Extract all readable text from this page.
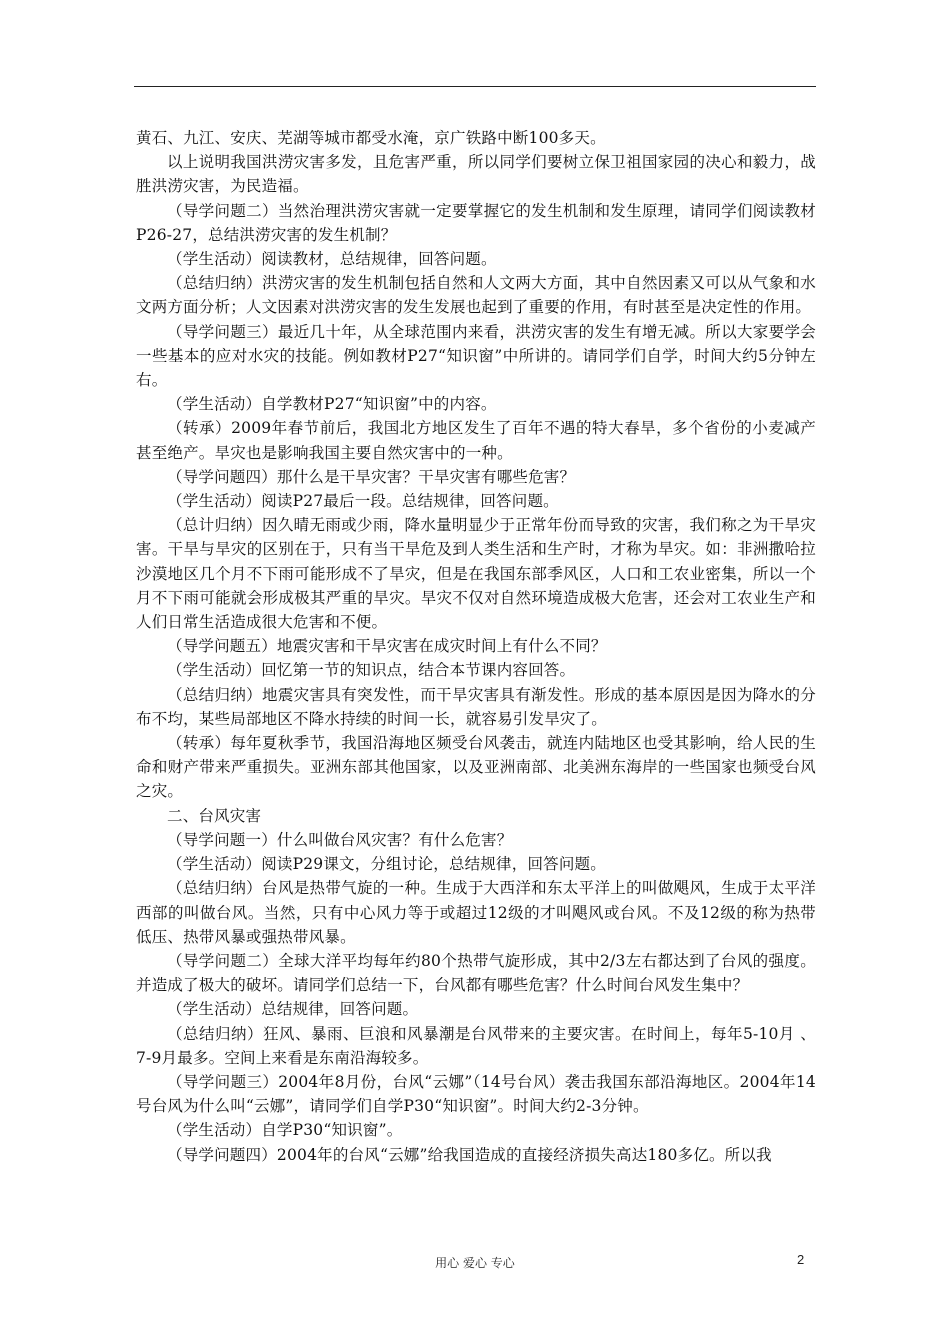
黄石、九江、安庆、芜湖等城市都受水淹，京广铁路中断100多天。

以上说明我国洪涝灾害多发，且危害严重，所以同学们要树立保卫祖国家园的决心和毅力，战胜洪涝灾害，为民造福。

（导学问题二）当然治理洪涝灾害就一定要掌握它的发生机制和发生原理，请同学们阅读教材P26-27，总结洪涝灾害的发生机制？

（学生活动）阅读教材，总结规律，回答问题。

（总结归纳）洪涝灾害的发生机制包括自然和人文两大方面，其中自然因素又可以从气象和水文两方面分析；人文因素对洪涝灾害的发生发展也起到了重要的作用，有时甚至是决定性的作用。

（导学问题三）最近几十年，从全球范围内来看，洪涝灾害的发生有增无减。所以大家要学会一些基本的应对水灾的技能。例如教材P27“知识窗”中所讲的。请同学们自学，时间大约5分钟左右。

（学生活动）自学教材P27“知识窗”中的内容。

（转承）2009年春节前后，我国北方地区发生了百年不遇的特大春旱，多个省份的小麦减产甚至绝产。旱灾也是影响我国主要自然灾害中的一种。

（导学问题四）那什么是干旱灾害？干旱灾害有哪些危害？

（学生活动）阅读P27最后一段。总结规律，回答问题。

（总计归纳）因久晴无雨或少雨，降水量明显少于正常年份而导致的灾害，我们称之为干旱灾害。干旱与旱灾的区别在于，只有当干旱危及到人类生活和生产时，才称为旱灾。如：非洲撒哈拉沙漠地区几个月不下雨可能形成不了旱灾，但是在我国东部季风区，人口和工农业密集，所以一个月不下雨可能就会形成极其严重的旱灾。旱灾不仅对自然环境造成极大危害，还会对工农业生产和人们日常生活造成很大危害和不便。

（导学问题五）地震灾害和干旱灾害在成灾时间上有什么不同？

（学生活动）回忆第一节的知识点，结合本节课内容回答。

（总结归纳）地震灾害具有突发性，而干旱灾害具有渐发性。形成的基本原因是因为降水的分布不均，某些局部地区不降水持续的时间一长，就容易引发旱灾了。

（转承）每年夏秋季节，我国沿海地区频受台风袭击，就连内陆地区也受其影响，给人民的生命和财产带来严重损失。亚洲东部其他国家，以及亚洲南部、北美洲东海岸的一些国家也频受台风之灾。

二、台风灾害

（导学问题一）什么叫做台风灾害？有什么危害？

（学生活动）阅读P29课文，分组讨论，总结规律，回答问题。

（总结归纳）台风是热带气旋的一种。生成于大西洋和东太平洋上的叫做飓风，生成于太平洋西部的叫做台风。当然，只有中心风力等于或超过12级的才叫飓风或台风。不及12级的称为热带低压、热带风暴或强热带风暴。

（导学问题二）全球大洋平均每年约80个热带气旋形成，其中2/3左右都达到了台风的强度。并造成了极大的破坏。请同学们总结一下，台风都有哪些危害？什么时间台风发生集中？

（学生活动）总结规律，回答问题。

（总结归纳）狂风、暴雨、巨浪和风暴潮是台风带来的主要灾害。在时间上，每年5-10月 、7-9月最多。空间上来看是东南沿海较多。

（导学问题三）2004年8月份，台风“云娜”（14号台风）袭击我国东部沿海地区。2004年14号台风为什么叫“云娜”，请同学们自学P30“知识窗”。时间大约2-3分钟。

（学生活动）自学P30“知识窗”。

（导学问题四）2004年的台风“云娜”给我国造成的直接经济损失高达180多亿。所以我

用心 爱心 专心	2
